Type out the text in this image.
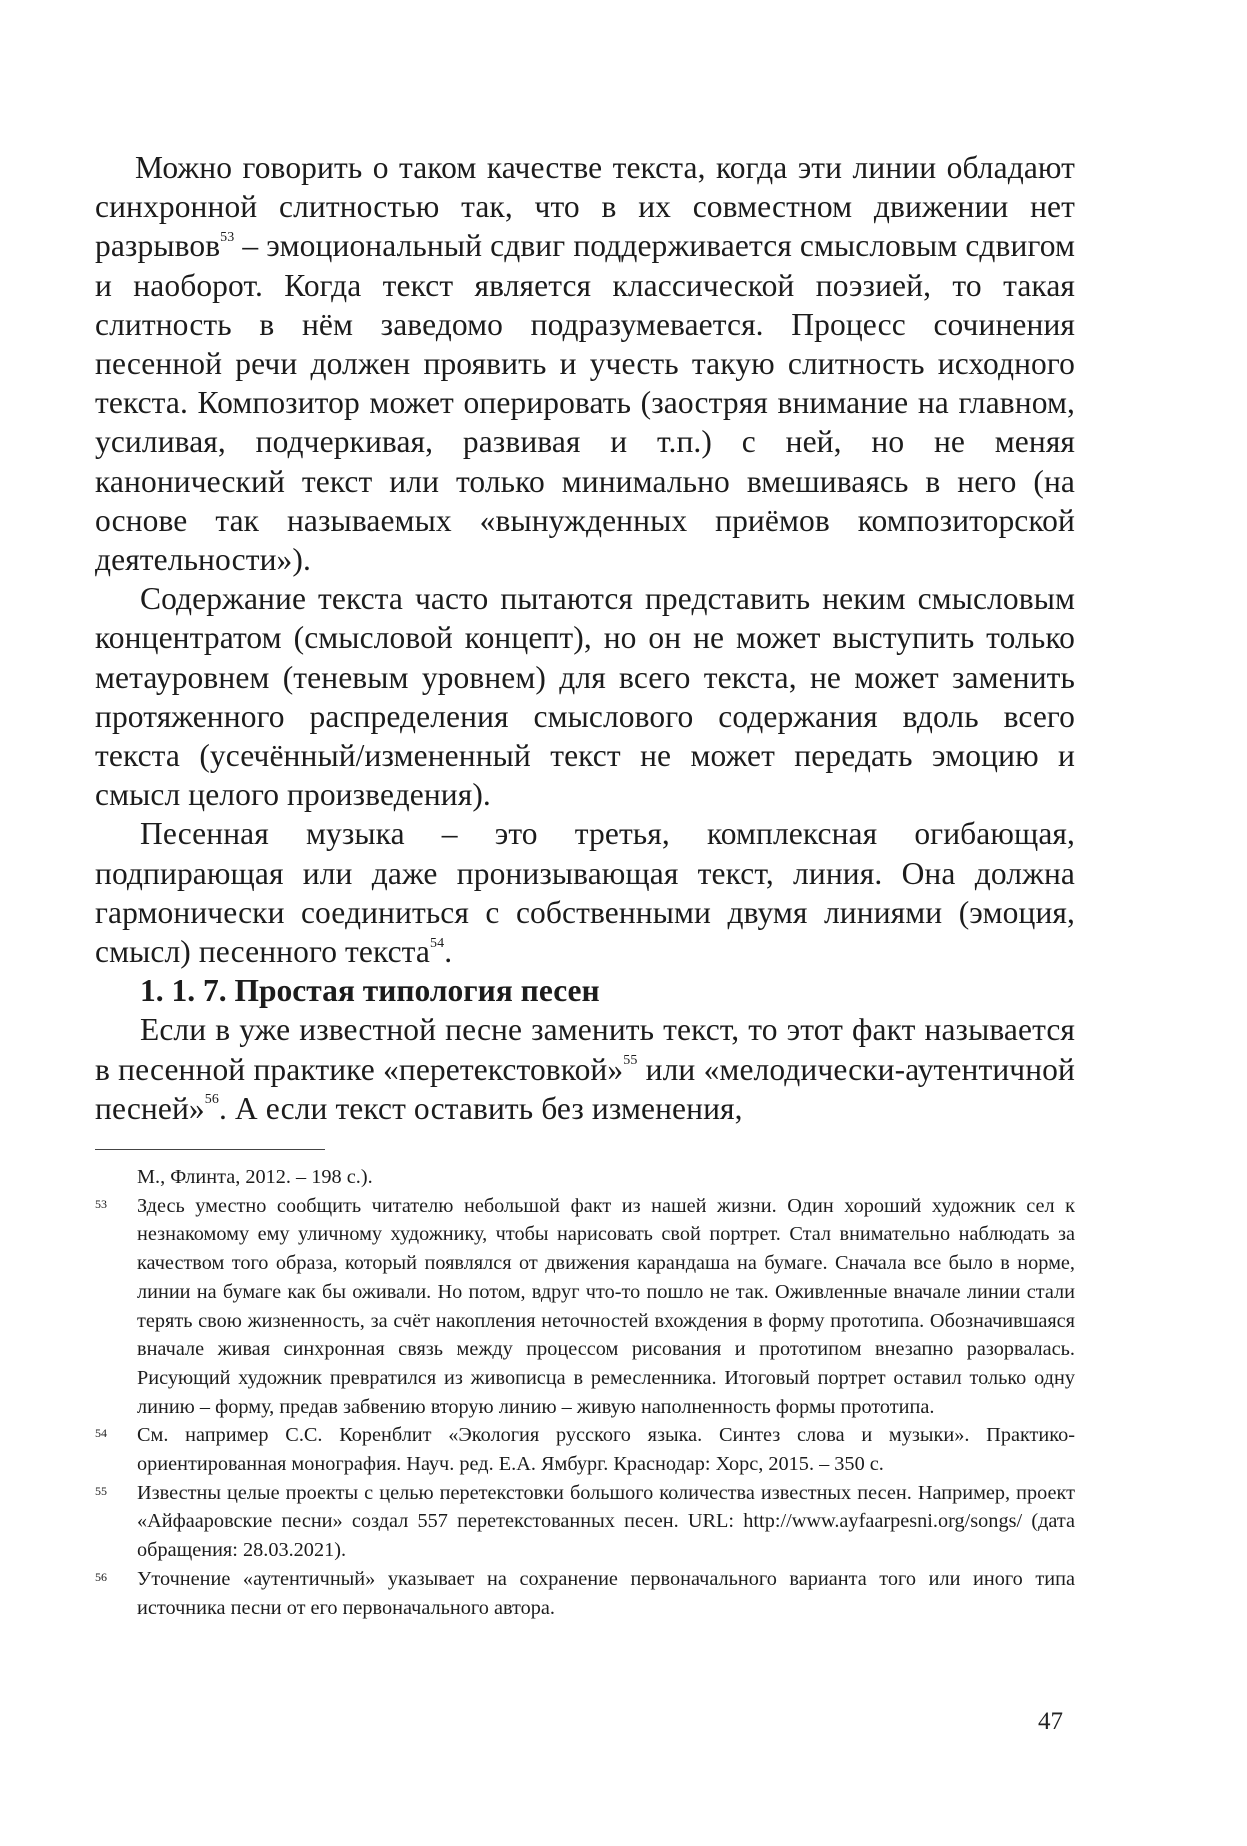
Можно говорить о таком качестве текста, когда эти линии обладают синхронной слитностью так, что в их совместном движении нет разрывов$^{53}$ – эмоциональный сдвиг поддерживается смысловым сдвигом и наоборот. Когда текст является классической поэзией, то такая слитность в нём заведомо подразумевается. Процесс сочинения песенной речи должен проявить и учесть такую слитность исходного текста. Композитор может оперировать (заостряя внимание на главном, усиливая, подчеркивая, развивая и т.п.) с ней, но не меняя канонический текст или только минимально вмешиваясь в него (на основе так называемых «вынужденных приёмов композиторской деятельности»).

Содержание текста часто пытаются представить неким смысловым концентратом (смысловой концепт), но он не может выступить только метауровнем (теневым уровнем) для всего текста, не может заменить протяженного распределения смыслового содержания вдоль всего текста (усечённый/измененный текст не может передать эмоцию и смысл целого произведения).

Песенная музыка – это третья, комплексная огибающая, подпирающая или даже пронизывающая текст, линия. Она должна гармонически соединиться с собственными двумя линиями (эмоция, смысл) песенного текста$^{54}$.

1. 1. 7. Простая типология песен

Если в уже известной песне заменить текст, то этот факт называется в песенной практике «перетекстовкой»$^{55}$ или «мелодически-аутентичной песней»$^{56}$. А если текст оставить без изменения,

М., Флинта, 2012. – 198 с.).

53	Здесь уместно сообщить читателю небольшой факт из нашей жизни. Один хороший художник сел к незнакомому ему уличному художнику, чтобы нарисовать свой портрет. Стал внимательно наблюдать за качеством того образа, который появлялся от движения карандаша на бумаге. Сначала все было в норме, линии на бумаге как бы оживали. Но потом, вдруг что-то пошло не так. Оживленные вначале линии стали терять свою жизненность, за счёт накопления неточностей вхождения в форму прототипа. Обозначившаяся вначале живая синхронная связь между процессом рисования и прототипом внезапно разорвалась. Рисующий художник превратился из живописца в ремесленника. Итоговый портрет оставил только одну линию – форму, предав забвению вторую линию – живую наполненность формы прототипа.

54	См. например С.С. Коренблит «Экология русского языка. Синтез слова и музыки». Практико-ориентированная монография. Науч. ред. Е.А. Ямбург. Краснодар: Хорс, 2015. – 350 с.

55	Известны целые проекты с целью перетекстовки большого количества известных песен. Например, проект «Айфааровские песни» создал 557 перетекстованных песен. URL: http://www.ayfaarpesni.org/songs/ (дата обращения: 28.03.2021).

56	Уточнение «аутентичный» указывает на сохранение первоначального варианта того или иного типа источника песни от его первоначального автора.

47
